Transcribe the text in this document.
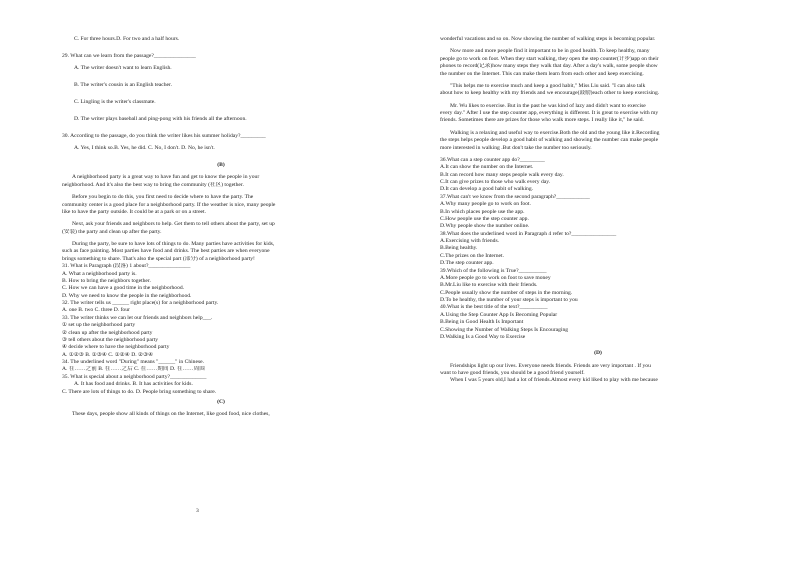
C. For three hours.D. For two and a half hours.
29. What can we learn from the passage?_______________
A. The writer doesn't want to learn English.
B. The writer's cousin is an English teacher.
C. Lingling is the writer's classmate.
D. The writer plays baseball and ping-pong with his friends all the afternoon.
30. According to the passage, do you think the writer likes his summer holiday?_________
A. Yes, I think so.B. Yes, he did. C. No, I don't. D. No, he isn't.
(B)
A neighborhood party is a great way to have fun and get to know the people in your
neighborhood. And it's also the best way to bring the community (社区) together.
Before you begin to do this, you first need to decide where to have the party. The
community center is a good place for a neighborhood party. If the weather is nice, many people
like to have the party outside. It could be at a park or on a street.
Next, ask your friends and neighbors to help. Get them to tell others about the party, set up
(安装) the party and clean up after the party.
During the party, be sure to have lots of things to do. Many parties have activities for kids,
such as face painting. Most parties have food and drinks. The best parties are when everyone
brings something to share. That's also the special part (部分) of a neighborhood party!
31. What is Paragraph (段落) 1 about?_______________
A. What a neighborhood party is.
B. How to bring the neighbors together.
C. How we can have a good time in the neighborhood.
D. Why we need to know the people in the neighborhood.
32. The writer tells us ______ right place(s) for a neighborhood party.
A. one B. two C. three D. four
33. The writer thinks we can let our friends and neighbors help___.
① set up the neighborhood party
② clean up after the neighborhood party
③ tell others about the neighborhood party
④ decide where to have the neighborhood party
A. ①②③ B. ①③④ C. ①②④ D. ②③④
34. The underlined word "During" means "______" in Chinese.
A. 在……之前 B. 在……之后 C. 在……期间 D. 在……周围
35. What is special about a neighborhood party?_____________
A. It has food and drinks. B. It has activities for kids.
C. There are lots of things to do. D. People bring something to share.
(C)
These days, people show all kinds of things on the Internet, like good food, nice clothes,
wonderful vacations and so on. Now showing the number of walking steps is becoming popular.
Now more and more people find it important to be in good health. To keep healthy, many
people go to work on foot. When they start walking, they open the step counter(计步)app on their
phones to record(记录)how many steps they walk that day. After a day's walk, some people show
the number on the Internet. This can make them learn from each other and keep exercising.
"This helps me to exercise much and keep a good habit," Miss Liu said. "I can also talk
about how to keep healthy with my friends and we encourage(鼓励)each other to keep exercising.
Mr. Wu likes to exercise. But in the past he was kind of lazy and didn't want to exercise
every day." After I use the step counter app, everything is different. It is great to exercise with my
friends. Sometimes there are prizes for those who walk more steps. I really like it," he said.
Walking is a relaxing and useful way to exercise.Both the old and the young like it.Recording
the steps helps people develop a good habit of walking and showing the number can make people
more interested in walking .But don't take the number too seriously.
36.What can a step counter app do?_________
A.It can show the number on the Internet.
B.It can record how many steps people walk every day.
C.It can give prizes to those who walk every day.
D.It can develop a good habit of walking.
37.What can't we know from the second paragraph?____________
A.Why many people go to work on foot.
B.In which places people use the app.
C.How people use the step counter app.
D.Why people show the number online.
38.What does the underlined word in Paragraph 4 refer to?________________
A.Exercising with friends.
B.Being healthy.
C.The prizes on the Internet.
D.The step counter app.
39.Which of the following is True?__________
A.More people go to work on foot to save money
B.Mr.Liu like to exercise with their friends.
C.People usually show the number of steps in the morning.
D.To be healthy, the number of your steps is important to you
40.What is the best title of the text?__________
A.Using the Step Counter App Is Becoming Popular
B.Being in Good Health Is Important
C.Showing the Number of Walking Steps Is Encouraging
D.Walking Is a Good Way to Exercise
(D)
Friendships light up our lives. Everyone needs friends. Friends are very important . If you
want to have good friends, you should be a good friend yourself.
When I was 5 years old,I had a lot of friends.Almost every kid liked to play with me because
3
